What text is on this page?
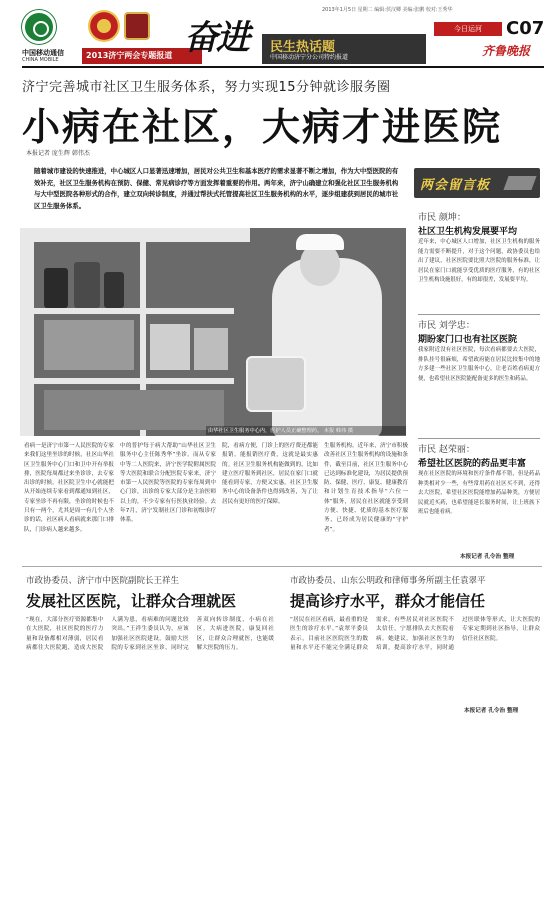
中国移动通信
CHINA MOBILE	2013济宁两会专题报道 奋进 民生热话题
中国移动济宁分公司特约报道
2013年1月5日 星期二 编辑:侯汉卿 美编:张鹏 校对:王秀华
今日运河	C07
齐鲁晚报
济宁完善城市社区卫生服务体系，努力实现15分钟就诊服务圈
小病在社区，大病才进医院
本报记者 庞生辉 韩伟杰
随着城市建设的快速推进，中心城区人口显著迅速增加，居民对公共卫生和基本医疗的需求显著不断之增加，作为大中型医院的有效补充，社区卫生服务机构在预防、保健、常见病诊疗等方面发挥着重要的作用。两年来，济宁山确建立和强化社区卫生服务机构与大中型医院各种形式的合作，建立双向转诊制度，并通过帮扶式托管提高社区卫生服务机构的水平，逐步组建获到居民的城市社区卫生服务体系。
由华社区卫生服务中心内，医护人员正确整理药。 本报 韩伟 摄
看病一是济宁市第一人民医院的专家来我们这里坐诊的时候，社区山华社区卫生服务中心门口和卫中开有举报排，医院每周都过来坐诊诊，去专家出诊的时候，社区院卫生中心就能把从开始连续专家看到都通知到社区，专家坐诊不再有限，坐诊的时候也不只有一两个，尤其是周一有几个人坐诊的话，社区病人看病就来那门口排队，门诊病人越来越多。
中的普护每于病大帮助“山华社区卫生服务中心主任陈秀华”坐诊。而从专家中等二人医院来，济宁医学院附属医院等大医院和联合分配医院专家来，济宁市第一人民医院等医院的专家每周到中心门诊，出诊的专家大部分是主治医师以上的，不少专家有行医执业经验。去年7月，济宁发制社区门诊和初级诊疗体系。
院，看病方便，门诊上的医疗费还都能报销。能报销医疗费，这就是最实惠的。社区卫生服务机构能做到的，比如建立医疗服务到社区，居民在家门口就能看到专家，方便又实惠，社区卫生服务中心的设备条件也得到改善，为了让居民有更好的医疗保障。
生服务机构。近年来，济宁市积极改善社区卫生服务机构的设施和条件，截至目前，社区卫生服务中心已达到标准化建设，为居民提供预防、保健、医疗、康复、健康教育和计划生育技术指导“六位一体”服务，居民在社区就能享受到方便、快捷、优质的基本医疗服务，已经成为居民健康的“守护者”。
两会留言板
市民 颜坤：
社区卫生机构发展要平均
近年来，中心城区人口增加，社区卫生机构的服务能力需要不断提升，对于这个问题，政协委员也给出了建议，社区医院要比照大医院的服务标准，让居民在家门口就能享受优质的医疗服务，有的社区卫生机构设施很好，有的却很差，发展要平均。
市民 刘学忠：
期盼家门口也有社区医院
我家附近没有社区医院，每次看病都要去大医院，排队挂号很麻烦，希望政府能在居民比较集中的地方多建一些社区卫生服务中心，让老百姓看病更方便，也希望社区医院能配备更多的医生和药品。
市民 赵荣丽：
希望社区医院的药品更丰富
现在社区医院的环境和医疗条件都不错，但是药品种类相对少一些，有些常用药在社区买不到，还得去大医院，希望社区医院能增加药品种类，方便居民就近买药，也希望能延长服务时间，让上班族下班后也能看病。
本报记者 孔令治 整理
市政协委员、济宁市中医院副院长王祥生
发展社区医院，让群众合理就医
“现在，大部分医疗资源都集中在大医院，社区医院的医疗力量和设备都相对薄弱，居民看病都往大医院跑，造成大医院人满为患，看病难的问题比较突出。”王祥生委员认为，应该加强社区医院建设，鼓励大医院的专家到社区坐诊，同时完善双向转诊制度，小病在社区，大病进医院，康复回社区，让群众合理就医，也能缓解大医院的压力。
市政协委员、山东公明政和律师事务所副主任袁翠平
提高诊疗水平，群众才能信任
“居民在社区看病，最看重的是医生的诊疗水平。”袁翠平委员表示，目前社区医院医生的数量和水平还不能完全满足群众需求，有些居民对社区医院不太信任，宁愿排队去大医院看病。她建议，加强社区医生的培训，提高诊疗水平，同时通过医联体等形式，让大医院的专家定期到社区指导，让群众信任社区医院。
本报记者 孔令治 整理
